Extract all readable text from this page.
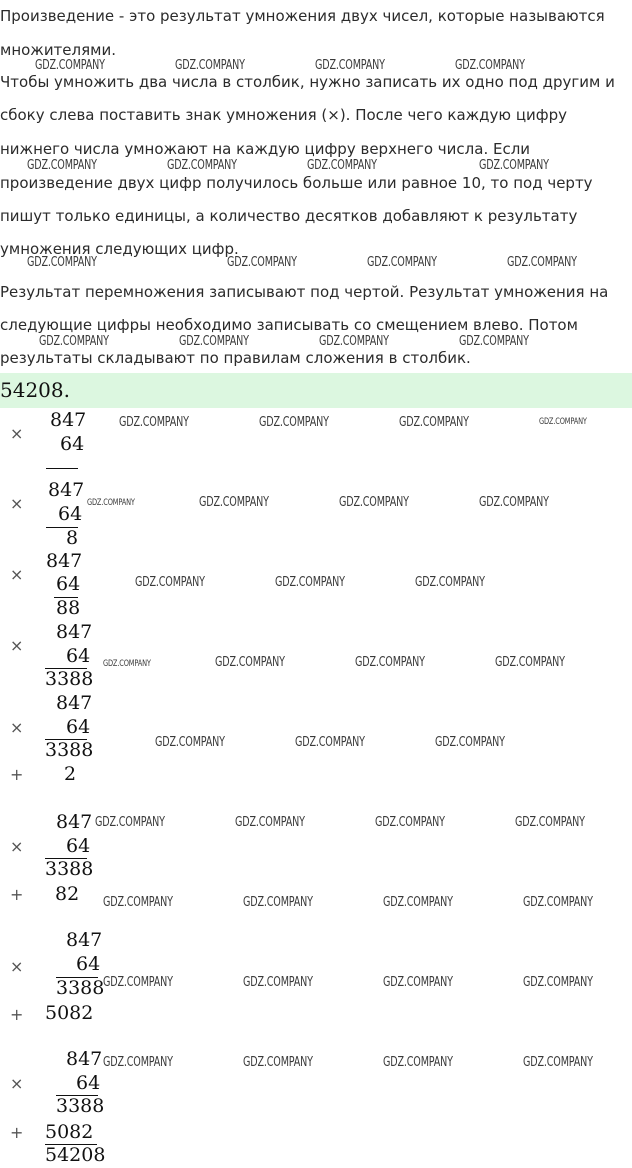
Произведение - это результат умножения двух чисел, которые называются
множителями.
Чтобы умножить два числа в столбик, нужно записать их одно под другим и
сбоку слева поставить знак умножения (×). После чего каждую цифру
нижнего числа умножают на каждую цифру верхнего числа. Если
произведение двух цифр получилось больше или равное 10, то под черту
пишут только единицы, а количество десятков добавляют к результату
умножения следующих цифр.
Результат перемножения записывают под чертой. Результат умножения на
следующие цифры необходимо записывать со смещением влево. Потом
результаты складывают по правилам сложения в столбик.
54208.
847
× 64
847
× 64
8
847
× 64
88
847
× 64
3388
847
× 64
3388
+ 2
847
× 64
3388
+ 82
847
×	64
3388
+ 5082
847
×	64
3388
+ 5082
54208
GDZ.COMPANY	GDZ.COMPANY	GDZ.COMPANY	GDZ.COMPANY
GDZ.COMPANY	GDZ.COMPANY	GDZ.COMPANY	GDZ.COMPANY
GDZ.COMPANY	GDZ.COMPANY	GDZ.COMPANY	GDZ.COMPANY
GDZ.COMPANY	GDZ.COMPANY	GDZ.COMPANY	GDZ.COMPANY
GDZ.COMPANY	GDZ.COMPANY	GDZ.COMPANY	GDZ.COMPANY
GDZ.COMPANY	GDZ.COMPANY	GDZ.COMPANY	GDZ.COMPANY
GDZ.COMPANY	GDZ.COMPANY	GDZ.COMPANY
GDZ.COMPANY	GDZ.COMPANY	GDZ.COMPANY	GDZ.COMPANY
GDZ.COMPANY	GDZ.COMPANY	GDZ.COMPANY
GDZ.COMPANY	GDZ.COMPANY	GDZ.COMPANY	GDZ.COMPANY
GDZ.COMPANY	GDZ.COMPANY	GDZ.COMPANY	GDZ.COMPANY
GDZ.COMPANY	GDZ.COMPANY	GDZ.COMPANY	GDZ.COMPANY
GDZ.COMPANY	GDZ.COMPANY	GDZ.COMPANY	GDZ.COMPANY
